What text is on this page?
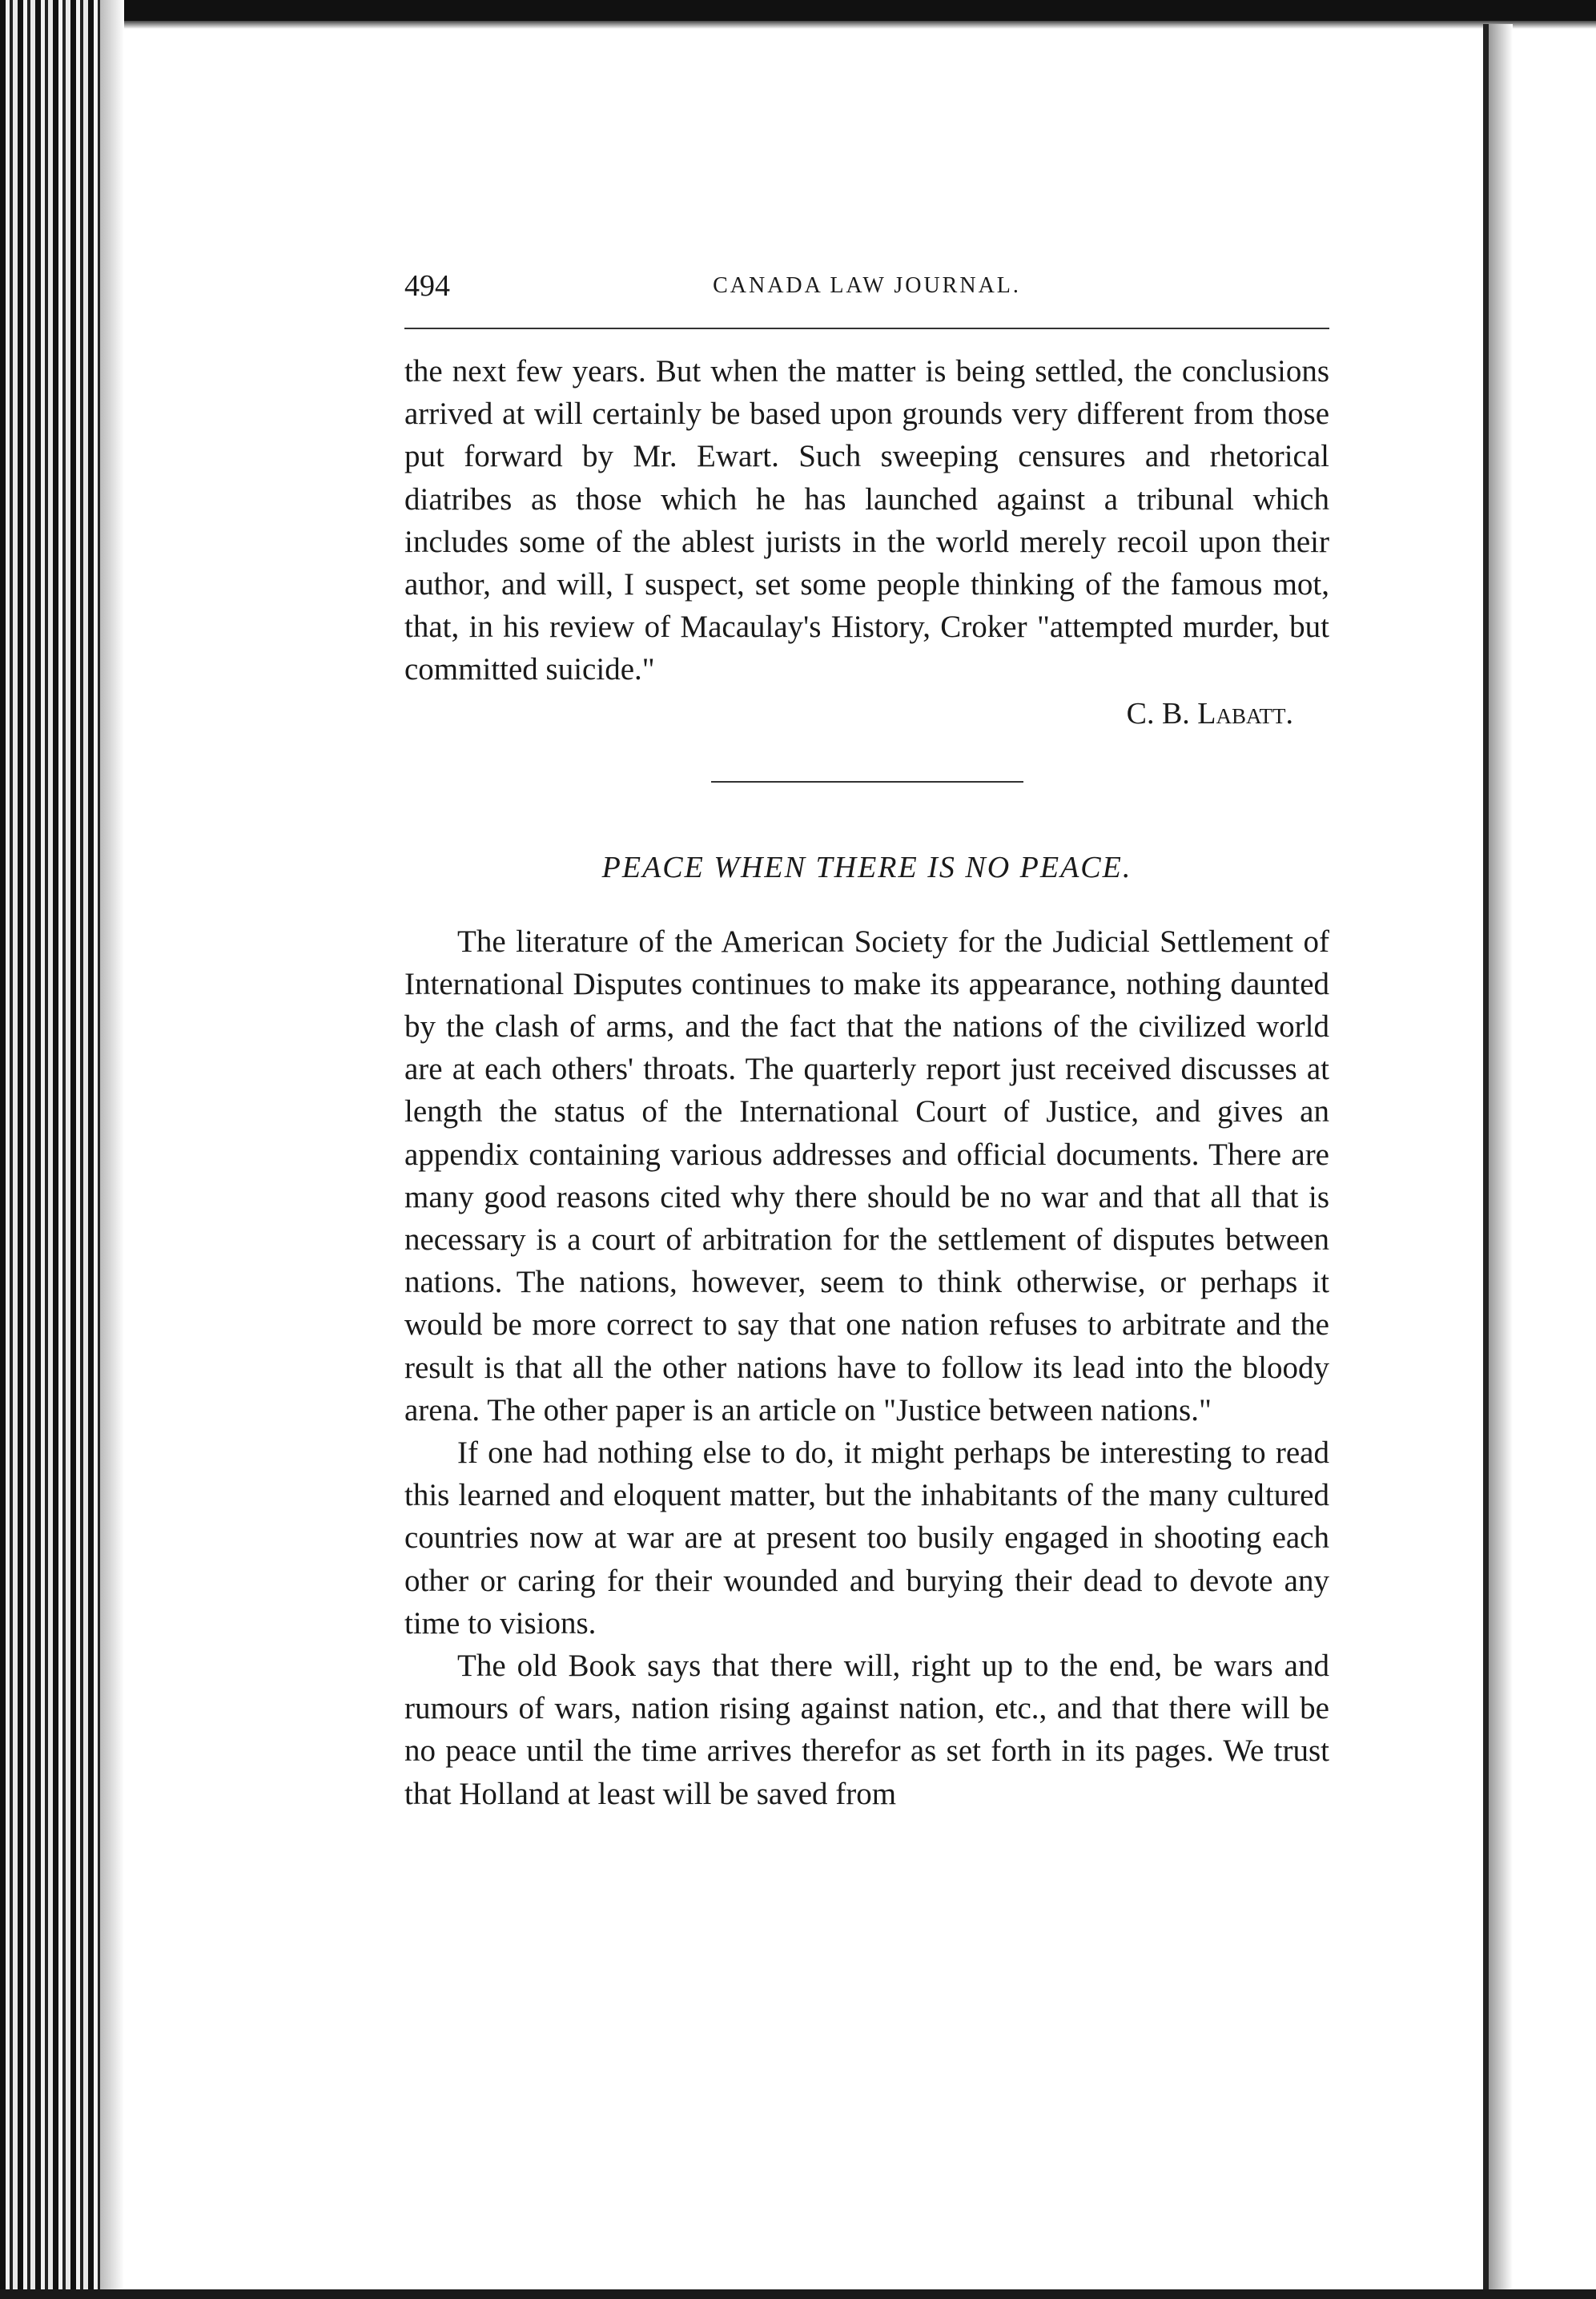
494	CANADA LAW JOURNAL.

the next few years. But when the matter is being settled, the conclusions arrived at will certainly be based upon grounds very different from those put forward by Mr. Ewart. Such sweeping censures and rhetorical diatribes as those which he has launched against a tribunal which includes some of the ablest jurists in the world merely recoil upon their author, and will, I suspect, set some people thinking of the famous mot, that, in his review of Macaulay's History, Croker "attempted murder, but committed suicide."

C. B. Labatt.
PEACE WHEN THERE IS NO PEACE.

The literature of the American Society for the Judicial Settlement of International Disputes continues to make its appearance, nothing daunted by the clash of arms, and the fact that the nations of the civilized world are at each others' throats. The quarterly report just received discusses at length the status of the International Court of Justice, and gives an appendix containing various addresses and official documents. There are many good reasons cited why there should be no war and that all that is necessary is a court of arbitration for the settlement of disputes between nations. The nations, however, seem to think otherwise, or perhaps it would be more correct to say that one nation refuses to arbitrate and the result is that all the other nations have to follow its lead into the bloody arena. The other paper is an article on "Justice between nations."

If one had nothing else to do, it might perhaps be interesting to read this learned and eloquent matter, but the inhabitants of the many cultured countries now at war are at present too busily engaged in shooting each other or caring for their wounded and burying their dead to devote any time to visions.

The old Book says that there will, right up to the end, be wars and rumours of wars, nation rising against nation, etc., and that there will be no peace until the time arrives therefor as set forth in its pages. We trust that Holland at least will be saved from
